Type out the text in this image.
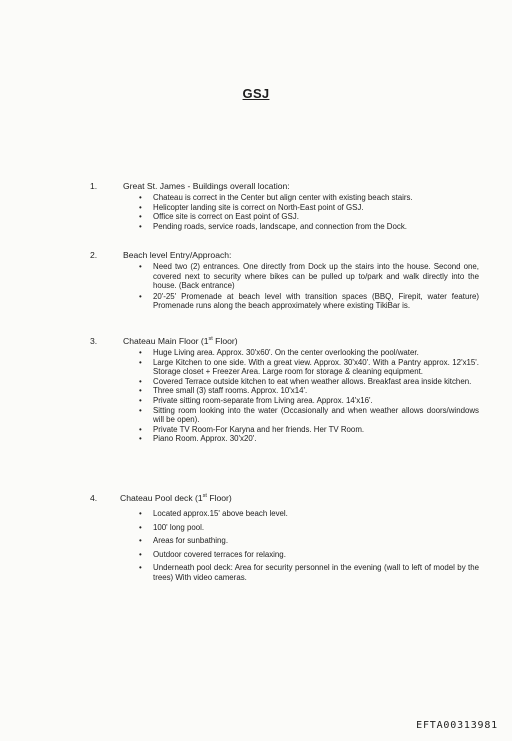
GSJ
1.	Great St. James - Buildings overall location:
• Chateau is correct in the Center but align center with existing beach stairs.
• Helicopter landing site is correct on North-East point of GSJ.
• Office site is correct on East point of GSJ.
• Pending roads, service roads, landscape, and connection from the Dock.
2.	Beach level Entry/Approach:
• Need two (2) entrances. One directly from Dock up the stairs into the house. Second one, covered next to security where bikes can be pulled up to/park and walk directly into the house. (Back entrance)
• 20'-25' Promenade at beach level with transition spaces (BBQ, Firepit, water feature) Promenade runs along the beach approximately where existing TikiBar is.
3.	Chateau Main Floor (1st Floor)
• Huge Living area. Approx. 30'x60'. On the center overlooking the pool/water.
• Large Kitchen to one side. With a great view. Approx. 30'x40'. With a Pantry approx. 12'x15'. Storage closet + Freezer Area. Large room for storage & cleaning equipment.
• Covered Terrace outside kitchen to eat when weather allows. Breakfast area inside kitchen.
• Three small (3) staff rooms. Approx. 10'x14'.
• Private sitting room-separate from Living area. Approx. 14'x16'.
• Sitting room looking into the water (Occasionally and when weather allows doors/windows will be open).
• Private TV Room-For Karyna and her friends. Her TV Room.
• Piano Room. Approx. 30'x20'.
4.	Chateau Pool deck (1st Floor)
• Located approx.15' above beach level.
• 100' long pool.
• Areas for sunbathing.
• Outdoor covered terraces for relaxing.
• Underneath pool deck: Area for security personnel in the evening (wall to left of model by the trees) With video cameras.
EFTA00313981
